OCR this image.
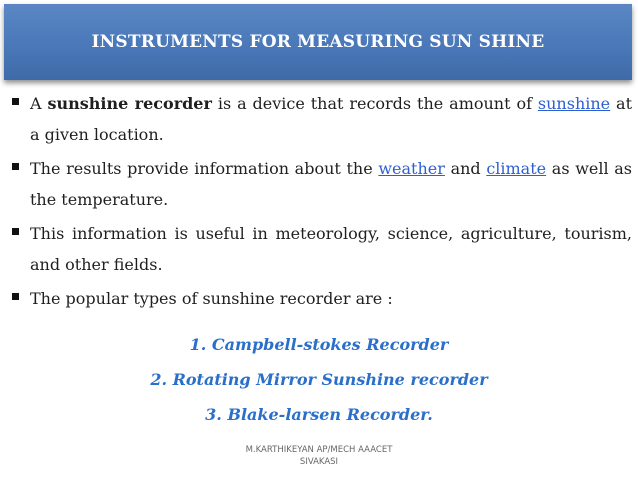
INSTRUMENTS FOR MEASURING SUN SHINE
A sunshine recorder is a device that records the amount of sunshine at a given location.
The results provide information about the weather and climate as well as the temperature.
This information is useful in meteorology, science, agriculture, tourism, and other fields.
The popular types of sunshine recorder are :
1. Campbell-stokes Recorder
2. Rotating Mirror Sunshine recorder
3. Blake-larsen Recorder.
M.KARTHIKEYAN AP/MECH AAACET
SIVAKASI
